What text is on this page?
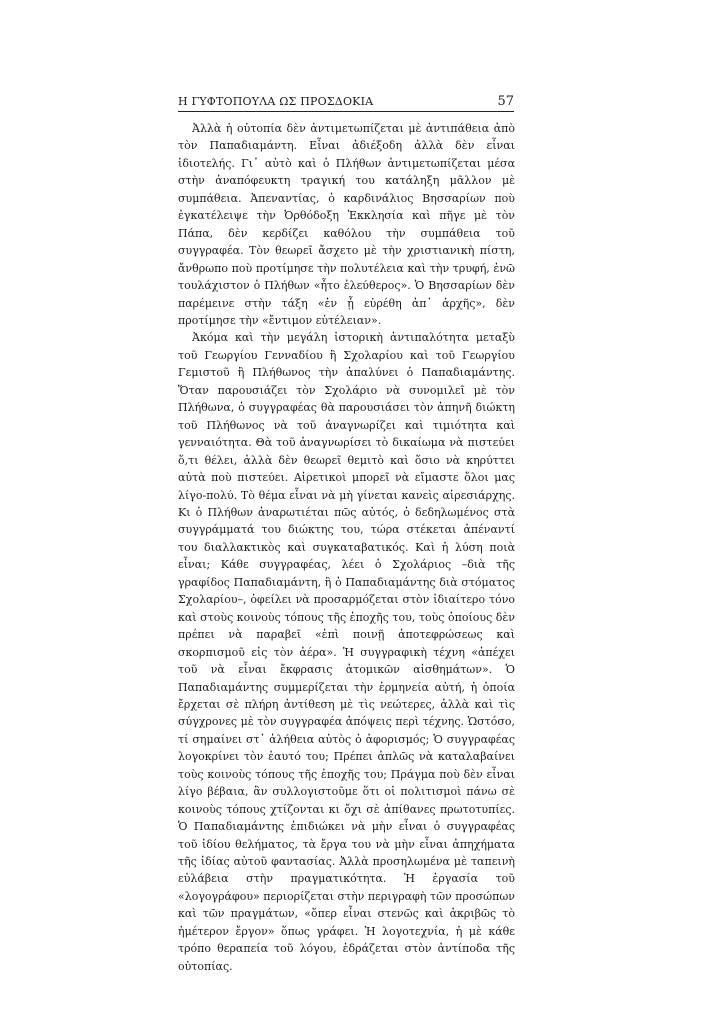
Η ΓΥΦΤΟΠΟΥΛΑ ΩΣ ΠΡΟΣΔΟΚΙΑ	57

Ἀλλὰ ἡ οὐτοπία δὲν ἀντιμετωπίζεται μὲ ἀντιπάθεια ἀπὸ τὸν Παπαδιαμάντη. Εἶναι ἀδιέξοδη ἀλλὰ δὲν εἶναι ἰδιοτελής. Γι᾿ αὐτὸ καὶ ὁ Πλήθων ἀντιμετωπίζεται μέσα στὴν ἀναπόφευκτη τραγική του κατάληξη μᾶλλον μὲ συμπάθεια. Ἀπεναντίας, ὁ καρδινάλιος Βησσαρίων ποὺ ἐγκατέλειψε τὴν Ὀρθόδοξη Ἐκκλησία καὶ πῆγε μὲ τὸν Πάπα, δὲν κερδίζει καθόλου τὴν συμπάθεια τοῦ συγγραφέα. Τὸν θεωρεῖ ἄσχετο μὲ τὴν χριστιανικὴ πίστη, ἄνθρωπο ποὺ προτίμησε τὴν πολυτέλεια καὶ τὴν τρυφή, ἐνῶ τουλάχιστον ὁ Πλήθων «ἦτο ἐλεύθερος». Ὁ Βησσαρίων δὲν παρέμεινε στὴν τάξη «ἐν ᾗ εὑρέθη ἀπ᾿ ἀρχῆς», δὲν προτίμησε τὴν «ἔντιμον εὐτέλειαν».

Ἀκόμα καὶ τὴν μεγάλη ἱστορικὴ ἀντιπαλότητα μεταξὺ τοῦ Γεωργίου Γενναδίου ἢ Σχολαρίου καὶ τοῦ Γεωργίου Γεμιστοῦ ἢ Πλήθωνος τὴν ἀπαλύνει ὁ Παπαδιαμάντης. Ὅταν παρουσιάζει τὸν Σχολάριο νὰ συνομιλεῖ μὲ τὸν Πλήθωνα, ὁ συγγραφέας θὰ παρουσιάσει τὸν ἀπηνῆ διώκτη τοῦ Πλήθωνος νὰ τοῦ ἀναγνωρίζει καὶ τιμιότητα καὶ γενναιότητα. Θὰ τοῦ ἀναγνωρίσει τὸ δικαίωμα νὰ πιστεύει ὅ,τι θέλει, ἀλλὰ δὲν θεωρεῖ θεμιτὸ καὶ ὅσιο νὰ κηρύττει αὐτὰ ποὺ πιστεύει. Αἱρετικοὶ μπορεῖ νὰ εἴμαστε ὅλοι μας λίγο-πολύ. Τὸ θέμα εἶναι νὰ μὴ γίνεται κανεὶς αἱρεσιάρχης. Κι ὁ Πλήθων ἀναρωτιέται πῶς αὐτός, ὁ δεδηλωμένος στὰ συγγράμματά του διώκτης του, τώρα στέκεται ἀπέναντί του διαλλακτικὸς καὶ συγκαταβατικός. Καὶ ἡ λύση ποιὰ εἶναι; Κάθε συγγραφέας, λέει ὁ Σχολάριος –διὰ τῆς γραφίδος Παπαδιαμάντη, ἢ ὁ Παπαδιαμάντης διὰ στόματος Σχολαρίου–, ὀφείλει νὰ προσαρμόζεται στὸν ἰδιαίτερο τόνο καὶ στοὺς κοινοὺς τόπους τῆς ἐποχῆς του, τοὺς ὁποίους δὲν πρέπει νὰ παραβεῖ «ἐπὶ ποινῇ ἀποτεφρώσεως καὶ σκορπισμοῦ εἰς τὸν ἀέρα». Ἡ συγγραφικὴ τέχνη «ἀπέχει τοῦ νὰ εἶναι ἔκφρασις ἀτομικῶν αἰσθημάτων». Ὁ Παπαδιαμάντης συμμερίζεται τὴν ἑρμηνεία αὐτή, ἡ ὁποία ἔρχεται σὲ πλήρη ἀντίθεση μὲ τὶς νεώτερες, ἀλλὰ καὶ τὶς σύγχρονες μὲ τὸν συγγραφέα ἀπόψεις περὶ τέχνης. Ὡστόσο, τί σημαίνει στ᾿ ἀλήθεια αὐτὸς ὁ ἀφορισμός; Ὁ συγγραφέας λογοκρίνει τὸν ἑαυτό του; Πρέπει ἁπλῶς νὰ καταλαβαίνει τοὺς κοινοὺς τόπους τῆς ἐποχῆς του; Πράγμα ποὺ δὲν εἶναι λίγο βέβαια, ἂν συλλογιστοῦμε ὅτι οἱ πολιτισμοὶ πάνω σὲ κοινοὺς τόπους χτίζονται κι ὄχι σὲ ἀπίθανες πρωτοτυπίες. Ὁ Παπαδιαμάντης ἐπιδιώκει νὰ μὴν εἶναι ὁ συγγραφέας τοῦ ἰδίου θελήματος, τὰ ἔργα του νὰ μὴν εἶναι ἀπηχήματα τῆς ἰδίας αὐτοῦ φαντασίας. Ἀλλὰ προσηλωμένα μὲ ταπεινὴ εὐλάβεια στὴν πραγματικότητα. Ἡ ἐργασία τοῦ «λογογράφου» περιορίζεται στὴν περιγραφὴ τῶν προσώπων καὶ τῶν πραγμάτων, «ὅπερ εἶναι στενῶς καὶ ἀκριβῶς τὸ ἡμέτερον ἔργον» ὅπως γράφει. Ἡ λογοτεχνία, ἡ μὲ κάθε τρόπο θεραπεία τοῦ λόγου, ἑδράζεται στὸν ἀντίποδα τῆς οὐτοπίας.
